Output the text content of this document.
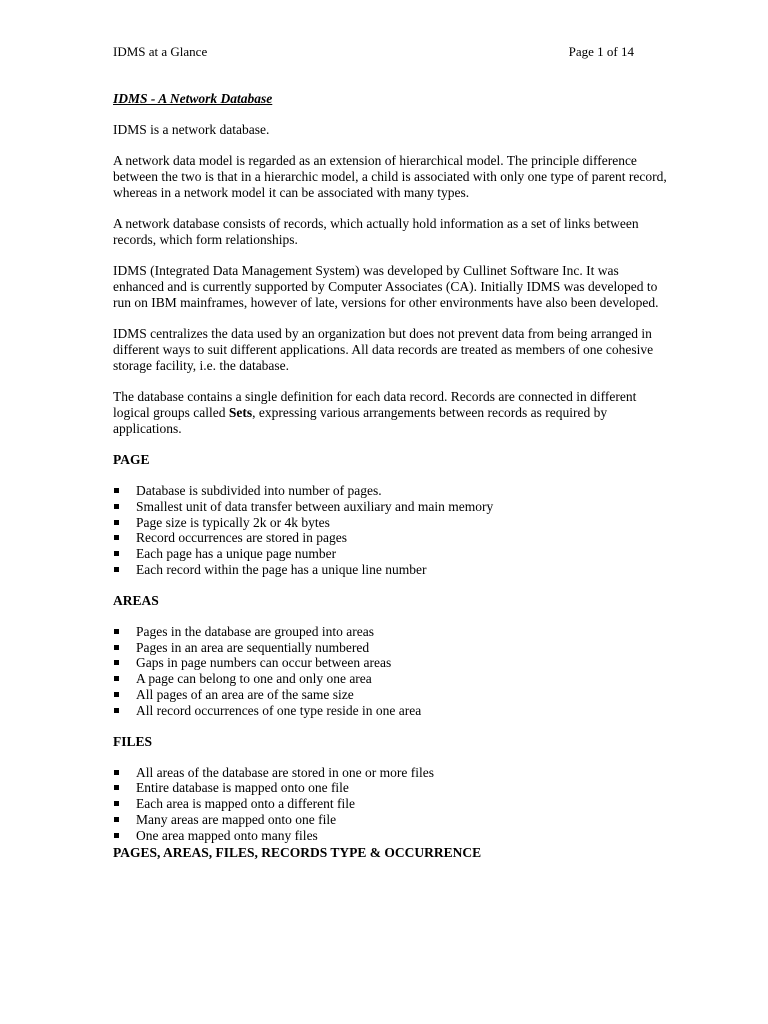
IDMS at a Glance	Page 1 of 14
IDMS - A Network Database

IDMS is a network database.

A network data model is regarded as an extension of hierarchical model. The principle difference between the two is that in a hierarchic model, a child is associated with only one type of parent record, whereas in a network model it can be associated with many types.

A network database consists of records, which actually hold information as a set of links between records, which form relationships.

IDMS (Integrated Data Management System) was developed by Cullinet Software Inc. It was enhanced and is currently supported by Computer Associates (CA). Initially IDMS was developed to run on IBM mainframes, however of late, versions for other environments have also been developed.

IDMS centralizes the data used by an organization but does not prevent data from being arranged in different ways to suit different applications. All data records are treated as members of one cohesive storage facility, i.e. the database.

The database contains a single definition for each data record. Records are connected in different logical groups called Sets, expressing various arrangements between records as required by applications.

PAGE
Database is subdivided into number of pages.
Smallest unit of data transfer between auxiliary and main memory
Page size is typically 2k or 4k bytes
Record occurrences are stored in pages
Each page has a unique page number
Each record within the page has a unique line number
AREAS
Pages in the database are grouped into areas
Pages in an area are sequentially numbered
Gaps in page numbers can occur between areas
A page can belong to one and only one area
All pages of an area are of the same size
All record occurrences of one type reside in one area
FILES
All areas of the database are stored in one or more files
Entire database is mapped onto one file
Each area is mapped onto a different file
Many areas are mapped onto one file
One area mapped onto many files
PAGES, AREAS, FILES, RECORDS TYPE & OCCURRENCE
